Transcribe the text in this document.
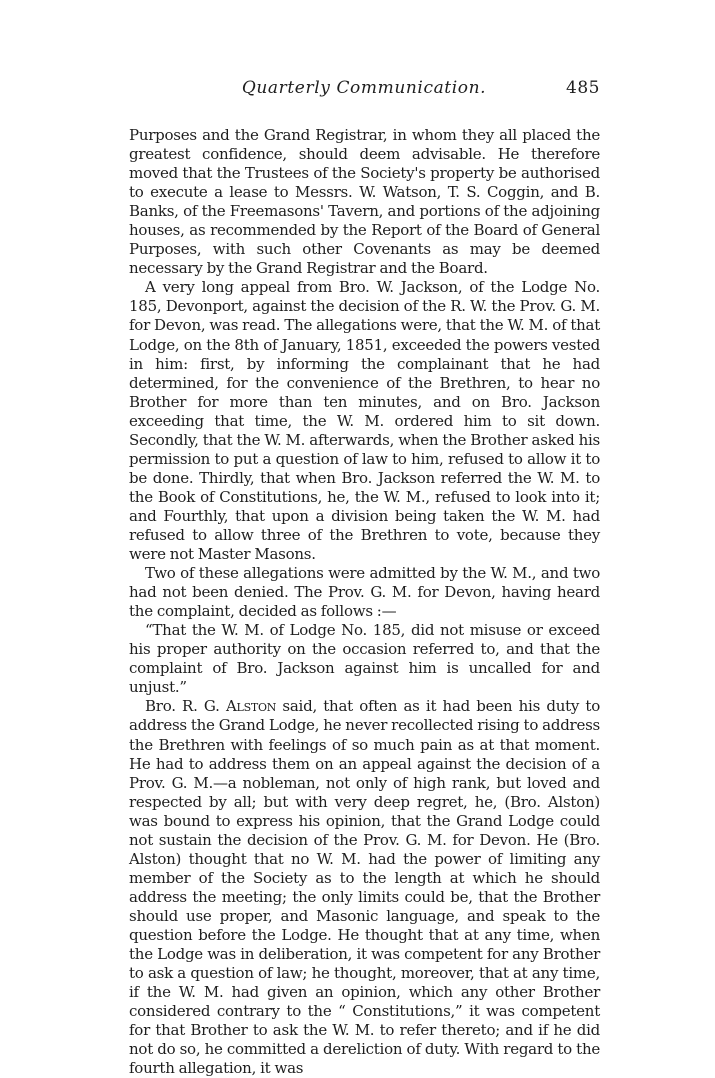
Quarterly Communication.	485

Purposes and the Grand Registrar, in whom they all placed the greatest confidence, should deem advisable. He therefore moved that the Trustees of the Society's property be authorised to execute a lease to Messrs. W. Watson, T. S. Coggin, and B. Banks, of the Freemasons' Tavern, and portions of the adjoining houses, as recommended by the Report of the Board of General Purposes, with such other Covenants as may be deemed necessary by the Grand Registrar and the Board.

A very long appeal from Bro. W. Jackson, of the Lodge No. 185, Devonport, against the decision of the R. W. the Prov. G. M. for Devon, was read. The allegations were, that the W. M. of that Lodge, on the 8th of January, 1851, exceeded the powers vested in him: first, by informing the complainant that he had determined, for the convenience of the Brethren, to hear no Brother for more than ten minutes, and on Bro. Jackson exceeding that time, the W. M. ordered him to sit down. Secondly, that the W. M. afterwards, when the Brother asked his permission to put a question of law to him, refused to allow it to be done. Thirdly, that when Bro. Jackson referred the W. M. to the Book of Constitutions, he, the W. M., refused to look into it; and Fourthly, that upon a division being taken the W. M. had refused to allow three of the Brethren to vote, because they were not Master Masons.

Two of these allegations were admitted by the W. M., and two had not been denied. The Prov. G. M. for Devon, having heard the complaint, decided as follows :—

“That the W. M. of Lodge No. 185, did not misuse or exceed his proper authority on the occasion referred to, and that the complaint of Bro. Jackson against him is uncalled for and unjust.”

Bro. R. G. Alston said, that often as it had been his duty to address the Grand Lodge, he never recollected rising to address the Brethren with feelings of so much pain as at that moment. He had to address them on an appeal against the decision of a Prov. G. M.—a nobleman, not only of high rank, but loved and respected by all; but with very deep regret, he, (Bro. Alston) was bound to express his opinion, that the Grand Lodge could not sustain the decision of the Prov. G. M. for Devon. He (Bro. Alston) thought that no W. M. had the power of limiting any member of the Society as to the length at which he should address the meeting; the only limits could be, that the Brother should use proper, and Masonic language, and speak to the question before the Lodge. He thought that at any time, when the Lodge was in deliberation, it was competent for any Brother to ask a question of law; he thought, moreover, that at any time, if the W. M. had given an opinion, which any other Brother considered contrary to the “ Constitutions,” it was competent for that Brother to ask the W. M. to refer thereto; and if he did not do so, he committed a dereliction of duty. With regard to the fourth allegation, it was
